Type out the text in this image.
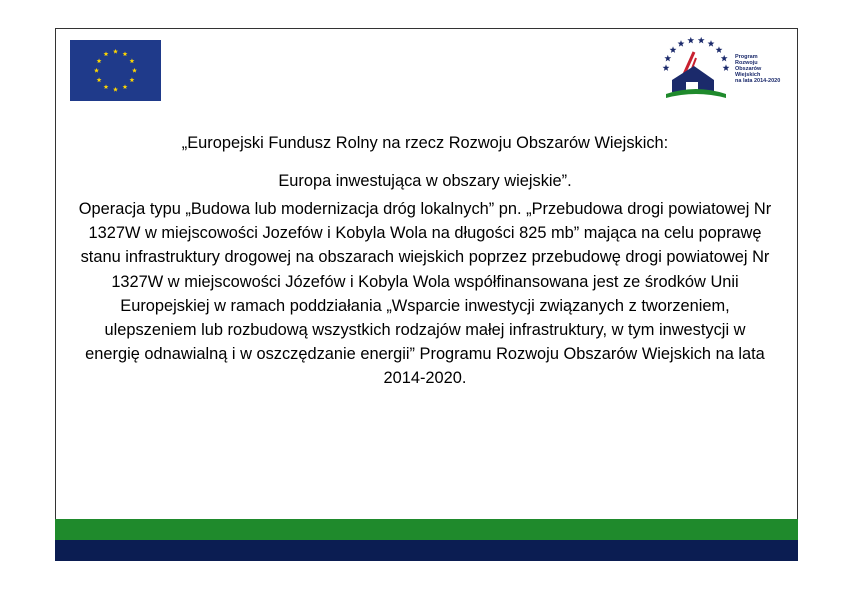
Program
Rozwoju
Obszarów
Wiejskich
na lata 2014-2020

„Europejski Fundusz Rolny na rzecz Rozwoju Obszarów Wiejskich:

Europa inwestująca w obszary wiejskie”.

Operacja typu „Budowa lub modernizacja dróg lokalnych” pn. „Przebudowa drogi powiatowej Nr 1327W w miejscowości Jozefów i Kobyla Wola na długości 825 mb” mająca na celu poprawę stanu infrastruktury drogowej na obszarach wiejskich poprzez przebudowę drogi powiatowej Nr 1327W w miejscowości Józefów i Kobyla Wola współfinansowana jest ze środków Unii Europejskiej w ramach poddziałania „Wsparcie inwestycji związanych z tworzeniem, ulepszeniem lub rozbudową wszystkich rodzajów małej infrastruktury, w tym inwestycji w energię odnawialną i w oszczędzanie energii” Programu Rozwoju Obszarów Wiejskich na lata 2014-2020.
